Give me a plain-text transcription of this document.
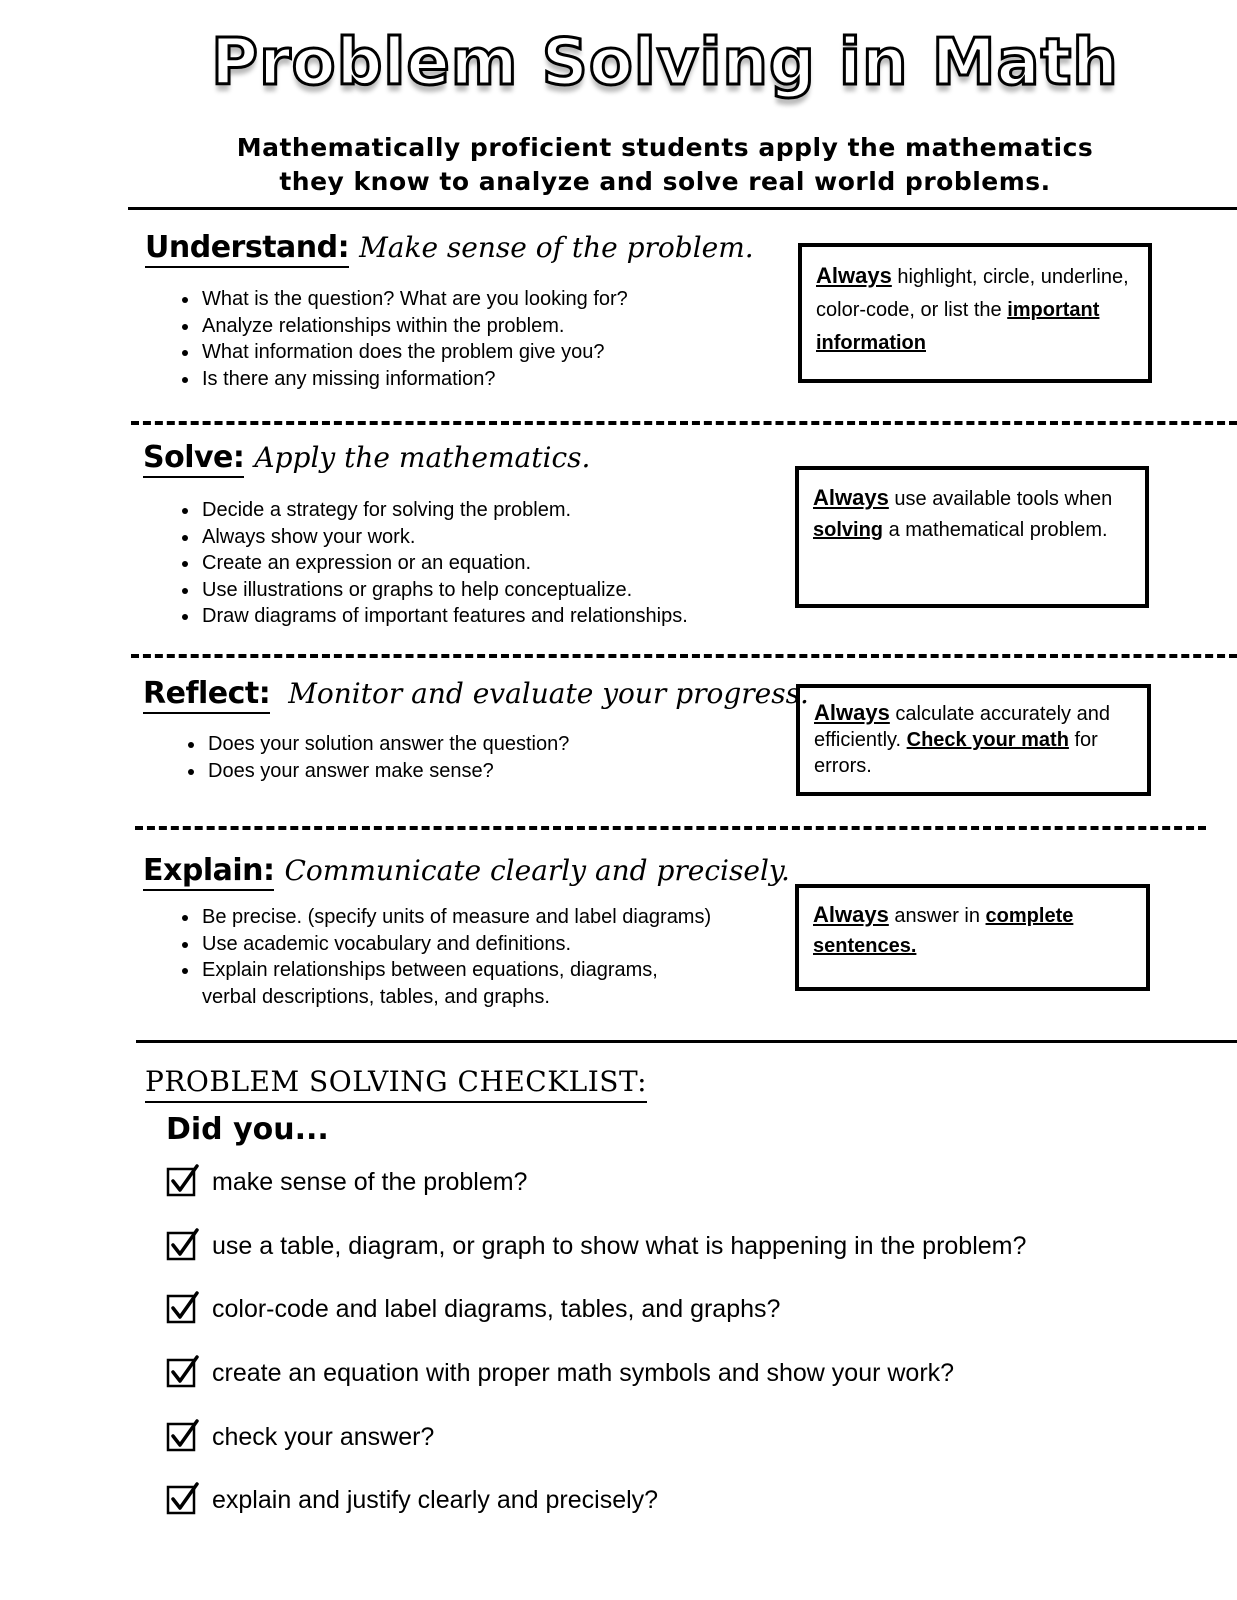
Problem Solving in Math
Mathematically proficient students apply the mathematics
they know to analyze and solve real world problems.
Understand: Make sense of the problem.
• What is the question? What are you looking for?
• Analyze relationships within the problem.
• What information does the problem give you?
• Is there any missing information?
Always highlight, circle, underline, color-code, or list the important information
Solve: Apply the mathematics.
• Decide a strategy for solving the problem.
• Always show your work.
• Create an expression or an equation.
• Use illustrations or graphs to help conceptualize.
• Draw diagrams of important features and relationships.
Always use available tools when solving a mathematical problem.
Reflect: Monitor and evaluate your progress.
• Does your solution answer the question?
• Does your answer make sense?
Always calculate accurately and efficiently. Check your math for errors.
Explain: Communicate clearly and precisely.
• Be precise. (specify units of measure and label diagrams)
• Use academic vocabulary and definitions.
• Explain relationships between equations, diagrams, verbal descriptions, tables, and graphs.
Always answer in complete sentences.
PROBLEM SOLVING CHECKLIST:
Did you...
make sense of the problem?
use a table, diagram, or graph to show what is happening in the problem?
color-code and label diagrams, tables, and graphs?
create an equation with proper math symbols and show your work?
check your answer?
explain and justify clearly and precisely?
